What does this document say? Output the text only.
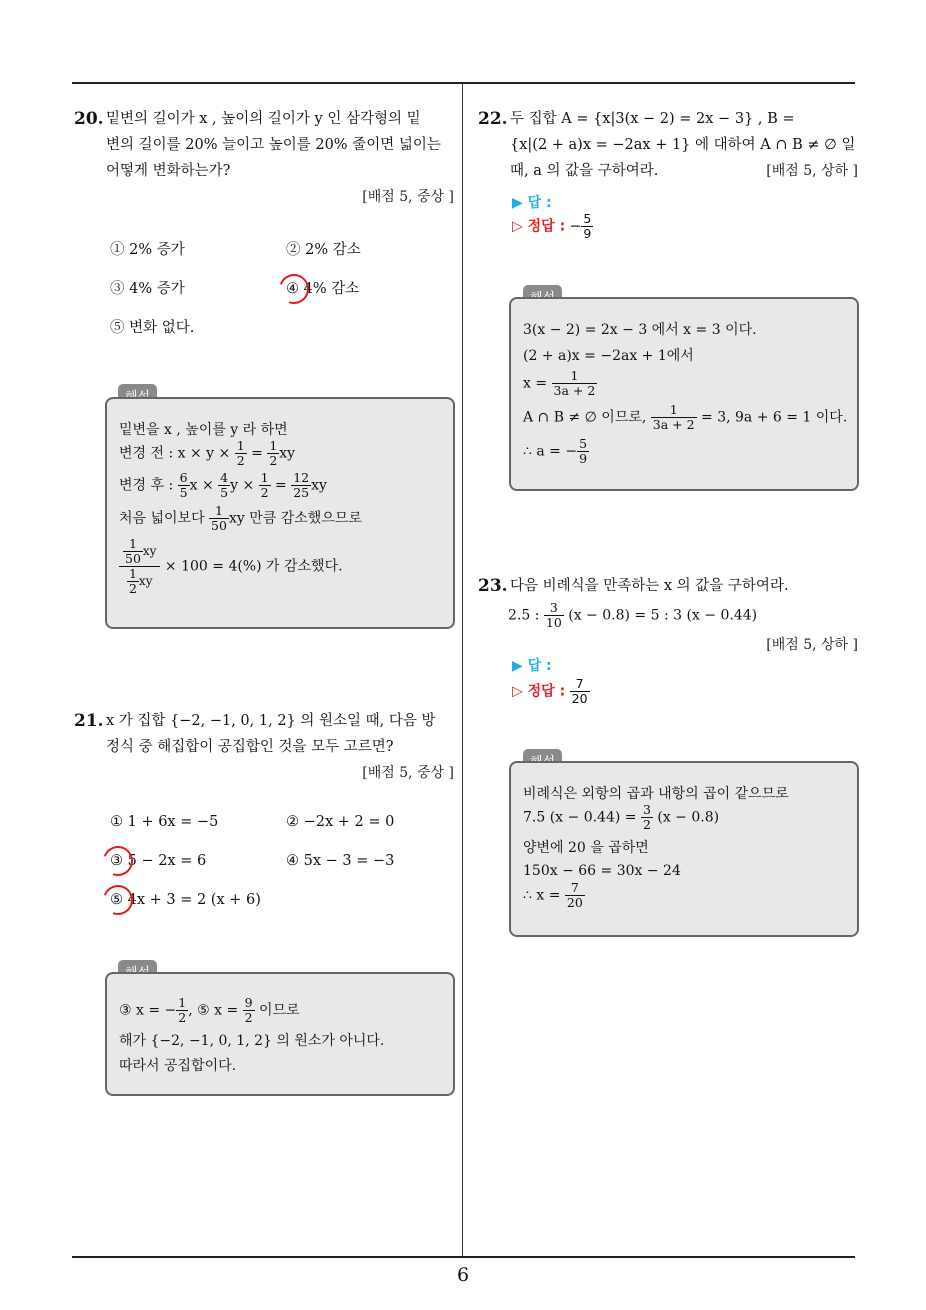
6
20. 밑변의 길이가 x , 높이의 길이가 y 인 삼각형의 밑
변의 길이를 20% 늘이고 높이를 20% 줄이면 넓이는
어떻게 변화하는가?
[배점 5, 중상 ]
① 2% 증가	② 2% 감소
③ 4% 증가	④ 4% 감소
⑤ 변화 없다.
밑변을 x , 높이를 y 라 하면
변경 전 : $x \times y \times \frac{1}{2} = \frac{1}{2}$ xy
변경 후 : $\frac{6}{5}$ $x \times \frac{4}{5}$ $y \times \frac{1}{2} = \frac{12}{25}$ xy
처음 넓이보다 $\frac{1}{50}$ xy 만큼 감소했으므로
$\frac{\frac{1}{50} xy}{\frac{1}{2} xy} \times 100 = 4(\%)$ 가 감소했다.
21. x 가 집합 {−2, −1, 0, 1, 2} 의 원소일 때, 다음 방
정식 중 해집합이 공집합인 것을 모두 고르면?
[배점 5, 중상 ]
① 1 + 6x = −5	② −2x + 2 = 0
③ 5 − 2x = 6	④ 5x − 3 = −3
⑤ 4x + 3 = 2 (x + 6)
③ x = − $\frac{1}{2}$ , ⑤ $x = \frac{9}{2}$ 이므로
해가 {−2, −1, 0, 1, 2} 의 원소가 아니다.
따라서 공집합이다.
22. 두 집합 A = {x|3(x − 2) = 2x − 3} , B =
{x|(2 + a)x = −2ax + 1} 에 대하여 A ∩ B ≠ ∅ 일
때, a 의 값을 구하여라.	[배점 5, 상하 ]
▶ 답 :
▷ 정답 : − $\frac{5}{9}$
3(x − 2) = 2x − 3 에서 x = 3 이다.
(2 + a)x = −2ax + 1에서
$x = \frac{1}{3a + 2}$
A ∩ B ≠ ∅ 이므로, $\frac{1}{3a + 2} = 3$, 9a + 6 = 1 이다.
∴ a = − $\frac{5}{9}$
23. 다음 비례식을 만족하는 x 의 값을 구하여라.
2.5 : $\frac{3}{10} (x - 0.8) = 5$ : 3 (x − 0.44)
[배점 5, 상하 ]
▶ 답 :
▷ 정답 : $\frac{7}{20}$
비례식은 외항의 곱과 내항의 곱이 같으므로
7.5 $(x - 0.44) = \frac{3}{2} (x - 0.8)$
양변에 20 을 곱하면
150x − 66 = 30x − 24
∴ $x = \frac{7}{20}$
